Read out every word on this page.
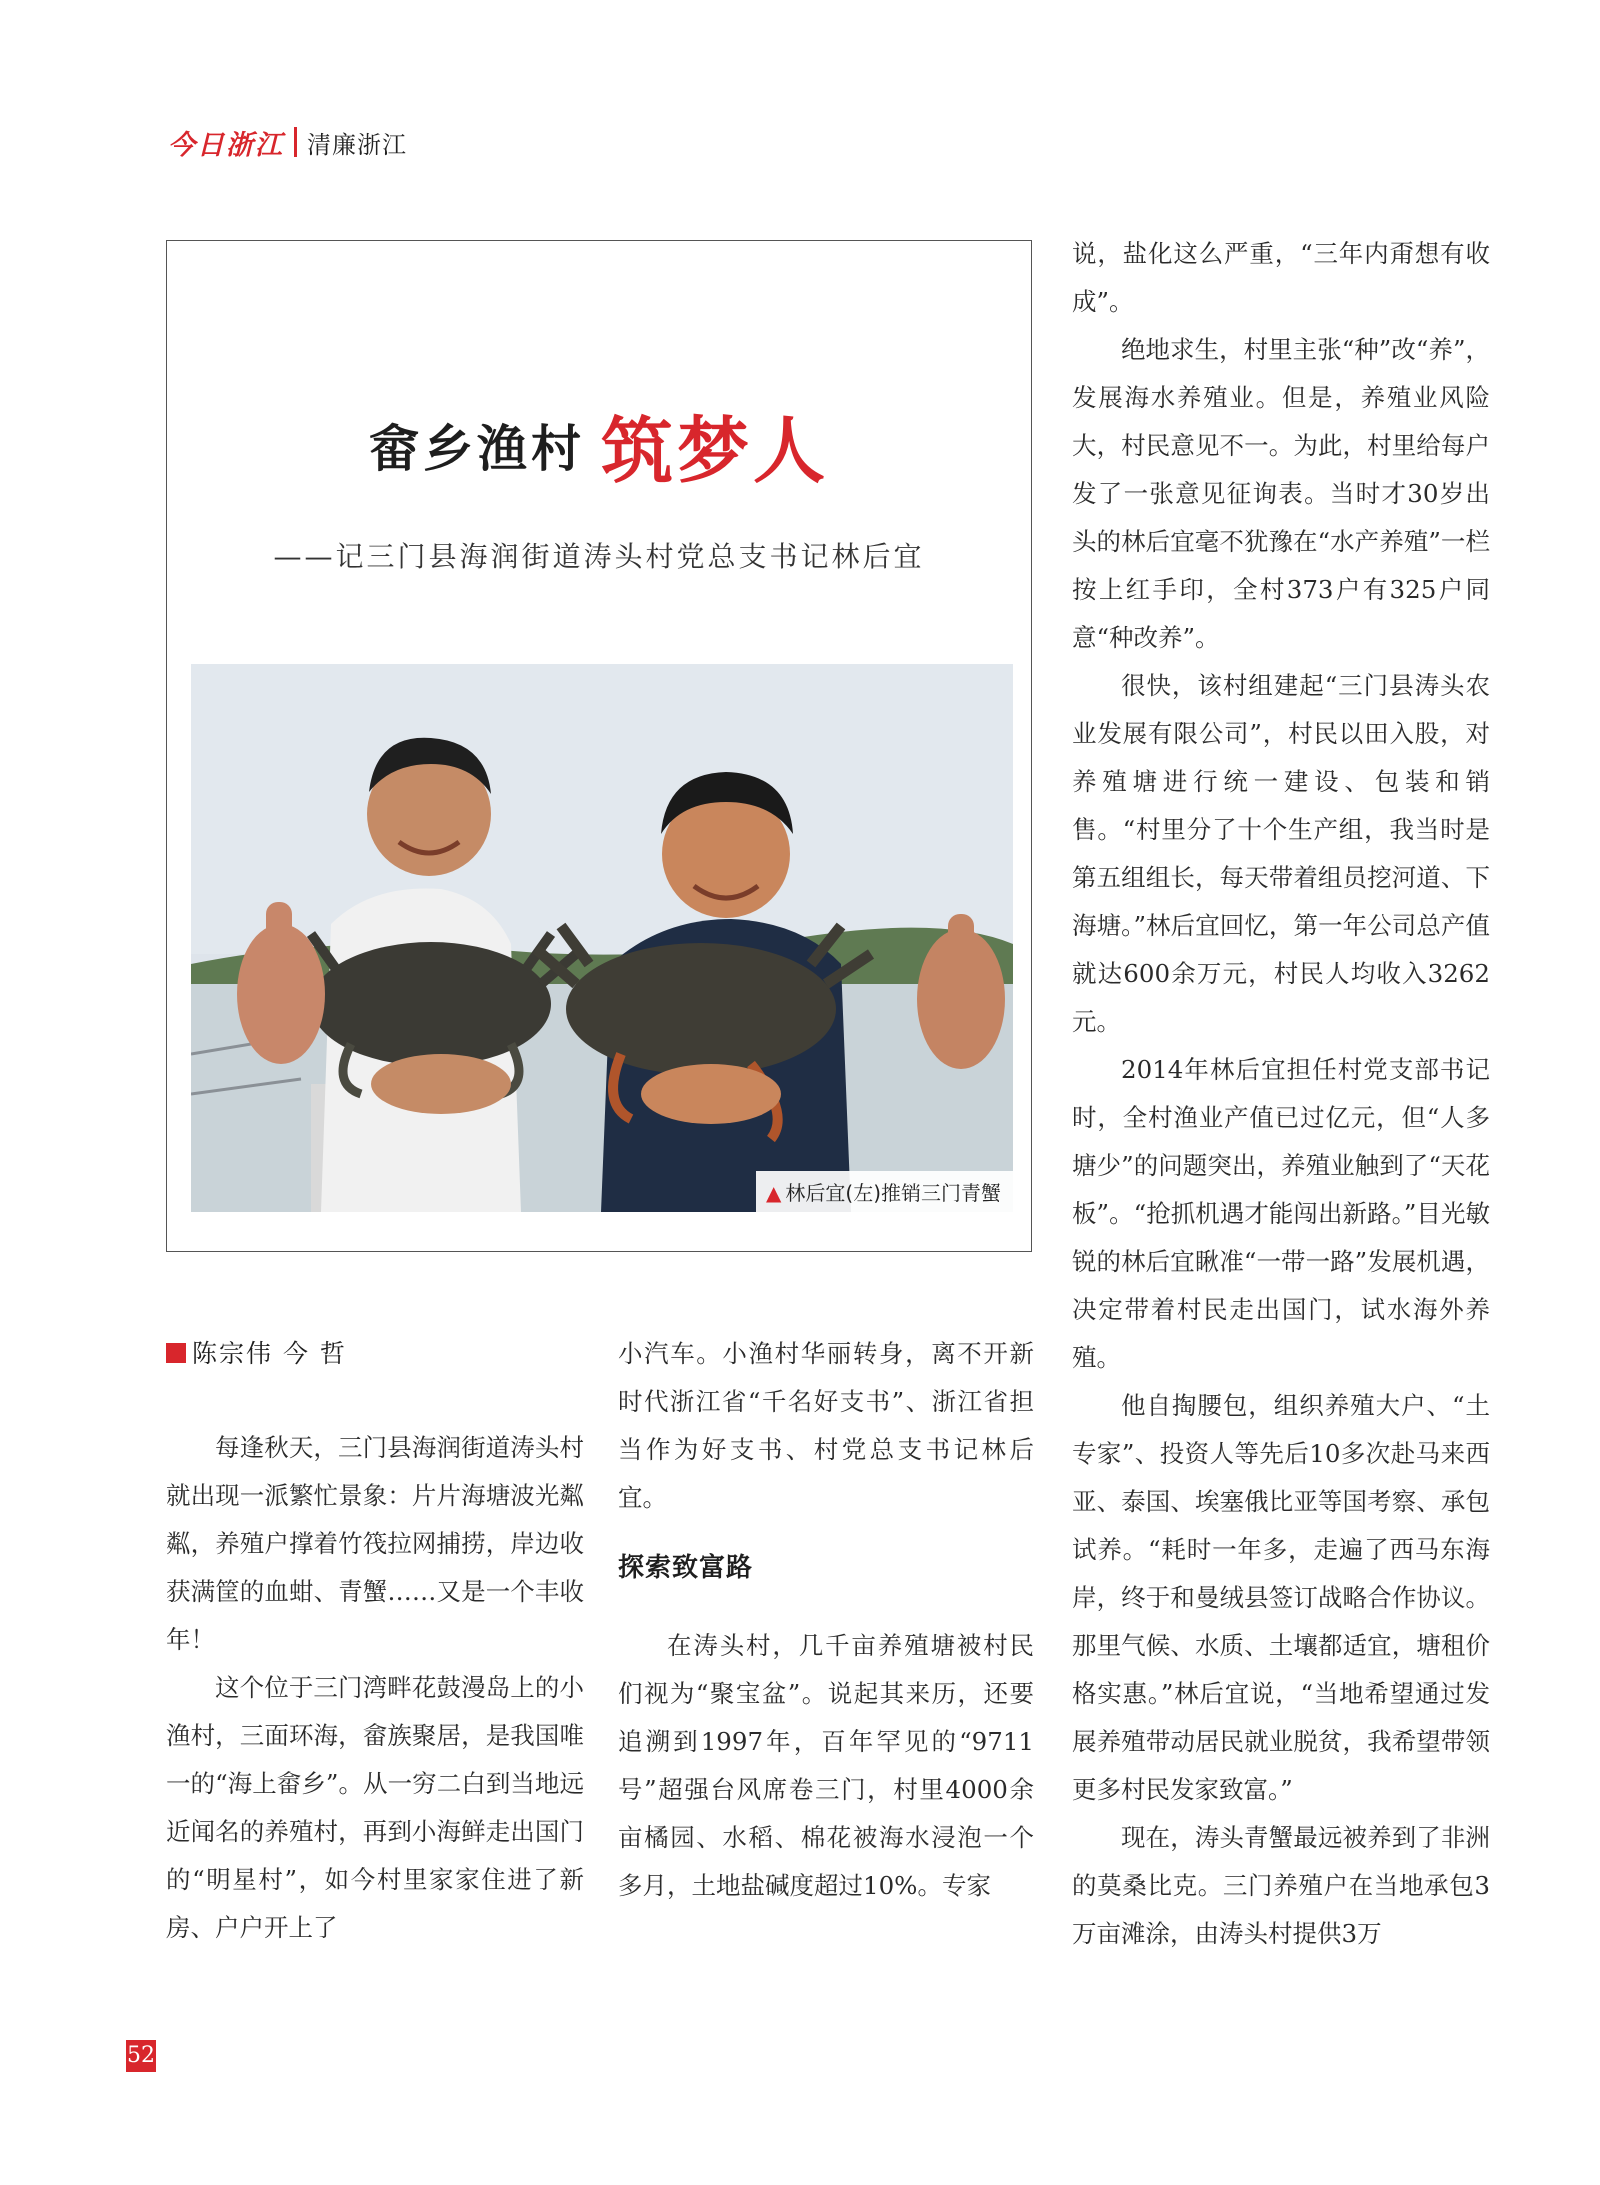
今日浙江 清廉浙江
畲乡渔村 筑梦人
——记三门县海润街道涛头村党总支书记林后宜
▲ 林后宜(左)推销三门青蟹

陈宗伟 今 哲

每逢秋天，三门县海润街道涛头村就出现一派繁忙景象：片片海塘波光粼粼，养殖户撑着竹筏拉网捕捞，岸边收获满筐的血蚶、青蟹……又是一个丰收年！

这个位于三门湾畔花鼓漫岛上的小渔村，三面环海，畲族聚居，是我国唯一的“海上畲乡”。从一穷二白到当地远近闻名的养殖村，再到小海鲜走出国门的“明星村”，如今村里家家住进了新房、户户开上了

小汽车。小渔村华丽转身，离不开新时代浙江省“千名好支书”、浙江省担当作为好支书、村党总支书记林后宜。

探索致富路

在涛头村，几千亩养殖塘被村民们视为“聚宝盆”。说起其来历，还要追溯到1997年，百年罕见的“9711号”超强台风席卷三门，村里4000余亩橘园、水稻、棉花被海水浸泡一个多月，土地盐碱度超过10%。专家

说，盐化这么严重，“三年内甭想有收成”。

绝地求生，村里主张“种”改“养”，发展海水养殖业。但是，养殖业风险大，村民意见不一。为此，村里给每户发了一张意见征询表。当时才30岁出头的林后宜毫不犹豫在“水产养殖”一栏按上红手印，全村373户有325户同意“种改养”。

很快，该村组建起“三门县涛头农业发展有限公司”，村民以田入股，对养殖塘进行统一建设、包装和销售。“村里分了十个生产组，我当时是第五组组长，每天带着组员挖河道、下海塘。”林后宜回忆，第一年公司总产值就达600余万元，村民人均收入3262元。

2014年林后宜担任村党支部书记时，全村渔业产值已过亿元，但“人多塘少”的问题突出，养殖业触到了“天花板”。“抢抓机遇才能闯出新路。”目光敏锐的林后宜瞅准“一带一路”发展机遇，决定带着村民走出国门，试水海外养殖。

他自掏腰包，组织养殖大户、“土专家”、投资人等先后10多次赴马来西亚、泰国、埃塞俄比亚等国考察、承包试养。“耗时一年多，走遍了西马东海岸，终于和曼绒县签订战略合作协议。那里气候、水质、土壤都适宜，塘租价格实惠。”林后宜说，“当地希望通过发展养殖带动居民就业脱贫，我希望带领更多村民发家致富。”

现在，涛头青蟹最远被养到了非洲的莫桑比克。三门养殖户在当地承包3万亩滩涂，由涛头村提供3万

52
